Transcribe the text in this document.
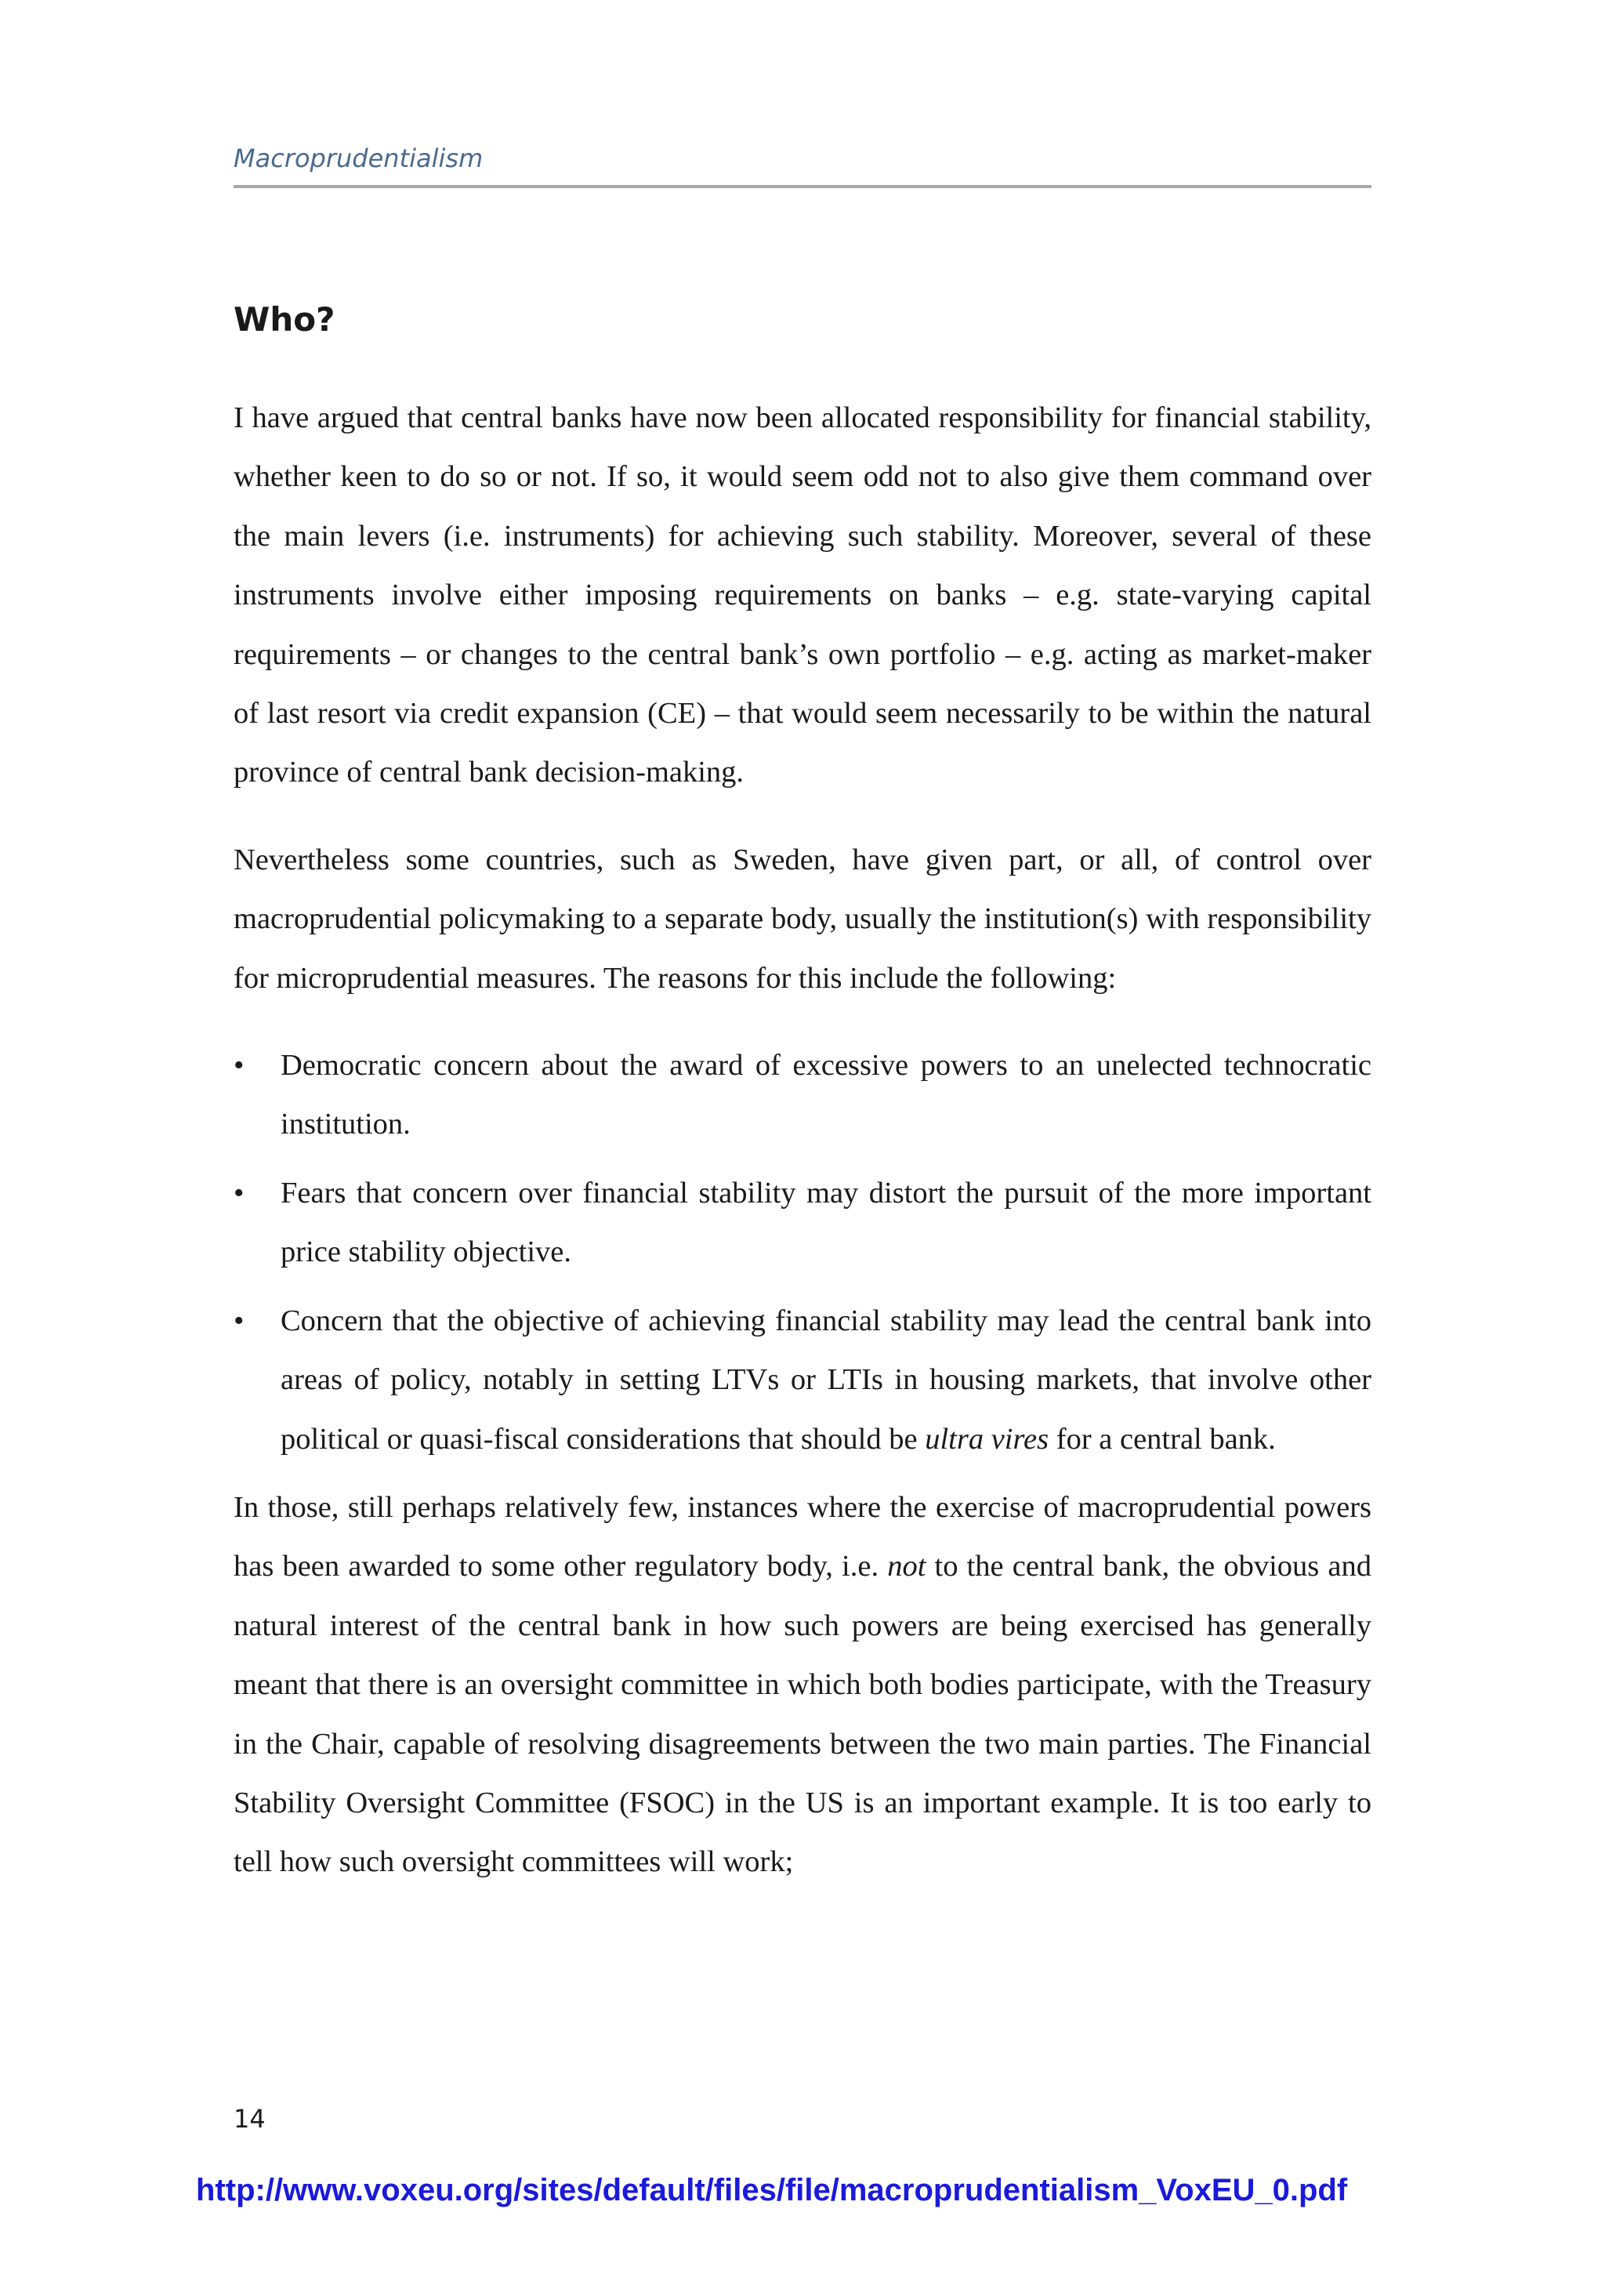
Macroprudentialism
Who?

I have argued that central banks have now been allocated responsibility for financial stability, whether keen to do so or not. If so, it would seem odd not to also give them command over the main levers (i.e. instruments) for achieving such stability. Moreover, several of these instruments involve either imposing requirements on banks – e.g. state-varying capital requirements – or changes to the central bank’s own portfolio – e.g. acting as market-maker of last resort via credit expansion (CE) – that would seem necessarily to be within the natural province of central bank decision-making.

Nevertheless some countries, such as Sweden, have given part, or all, of control over macroprudential policymaking to a separate body, usually the institution(s) with responsibility for microprudential measures. The reasons for this include the following:

• Democratic concern about the award of excessive powers to an unelected technocratic institution.
• Fears that concern over financial stability may distort the pursuit of the more important price stability objective.
• Concern that the objective of achieving financial stability may lead the central bank into areas of policy, notably in setting LTVs or LTIs in housing markets, that involve other political or quasi-fiscal considerations that should be ultra vires for a central bank.

In those, still perhaps relatively few, instances where the exercise of macroprudential powers has been awarded to some other regulatory body, i.e. not to the central bank, the obvious and natural interest of the central bank in how such powers are being exercised has generally meant that there is an oversight committee in which both bodies participate, with the Treasury in the Chair, capable of resolving disagreements between the two main parties. The Financial Stability Oversight Committee (FSOC) in the US is an important example. It is too early to tell how such oversight committees will work;

14
http://www.voxeu.org/sites/default/files/file/macroprudentialism_VoxEU_0.pdf
